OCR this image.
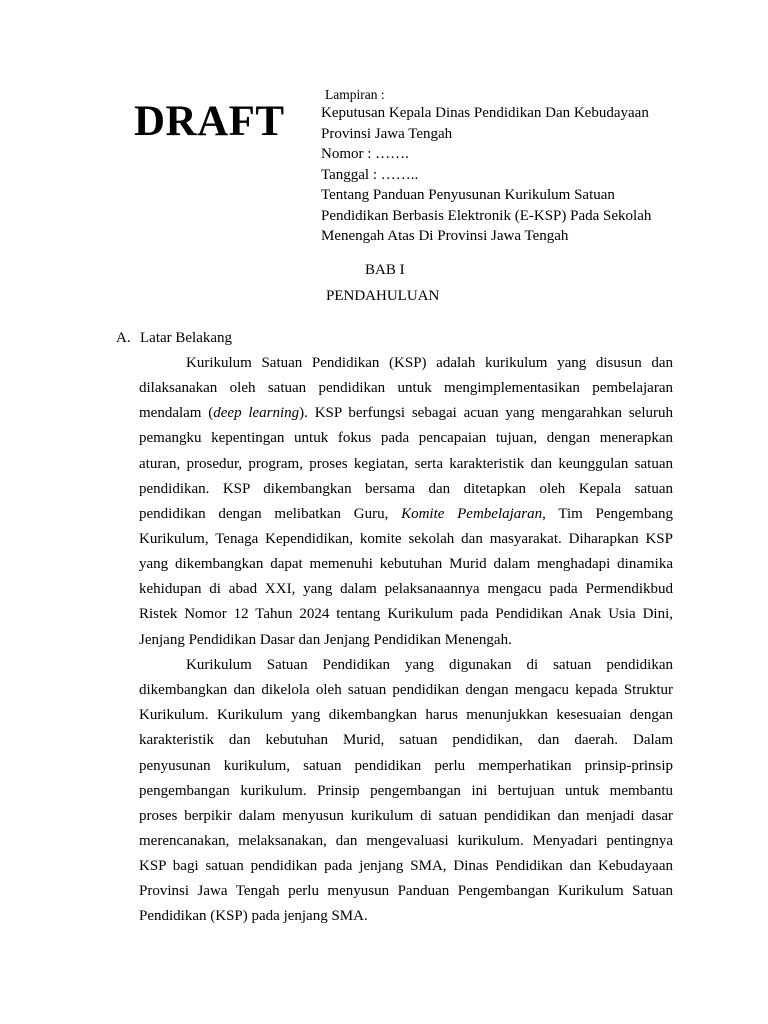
DRAFT
Lampiran :
Keputusan Kepala Dinas Pendidikan Dan Kebudayaan
Provinsi Jawa Tengah
Nomor : …….
Tanggal : ……..
Tentang Panduan Penyusunan Kurikulum Satuan
Pendidikan Berbasis Elektronik (E-KSP) Pada Sekolah
Menengah Atas Di Provinsi Jawa Tengah
BAB I
PENDAHULUAN
A. Latar Belakang
Kurikulum Satuan Pendidikan (KSP) adalah kurikulum yang disusun dan
dilaksanakan oleh satuan pendidikan untuk mengimplementasikan pembelajaran
mendalam (deep learning). KSP berfungsi sebagai acuan yang mengarahkan seluruh
pemangku kepentingan untuk fokus pada pencapaian tujuan, dengan menerapkan
aturan, prosedur, program, proses kegiatan, serta karakteristik dan keunggulan satuan
pendidikan. KSP dikembangkan bersama dan ditetapkan oleh Kepala satuan
pendidikan dengan melibatkan Guru, Komite Pembelajaran, Tim Pengembang
Kurikulum, Tenaga Kependidikan, komite sekolah dan masyarakat. Diharapkan KSP
yang dikembangkan dapat memenuhi kebutuhan Murid dalam menghadapi dinamika
kehidupan di abad XXI, yang dalam pelaksanaannya mengacu pada Permendikbud
Ristek Nomor 12 Tahun 2024 tentang Kurikulum pada Pendidikan Anak Usia Dini,
Jenjang Pendidikan Dasar dan Jenjang Pendidikan Menengah.
Kurikulum Satuan Pendidikan yang digunakan di satuan pendidikan
dikembangkan dan dikelola oleh satuan pendidikan dengan mengacu kepada Struktur
Kurikulum. Kurikulum yang dikembangkan harus menunjukkan kesesuaian dengan
karakteristik dan kebutuhan Murid, satuan pendidikan, dan daerah. Dalam
penyusunan kurikulum, satuan pendidikan perlu memperhatikan prinsip-prinsip
pengembangan kurikulum. Prinsip pengembangan ini bertujuan untuk membantu
proses berpikir dalam menyusun kurikulum di satuan pendidikan dan menjadi dasar
merencanakan, melaksanakan, dan mengevaluasi kurikulum. Menyadari pentingnya
KSP bagi satuan pendidikan pada jenjang SMA, Dinas Pendidikan dan Kebudayaan
Provinsi Jawa Tengah perlu menyusun Panduan Pengembangan Kurikulum Satuan
Pendidikan (KSP) pada jenjang SMA.
